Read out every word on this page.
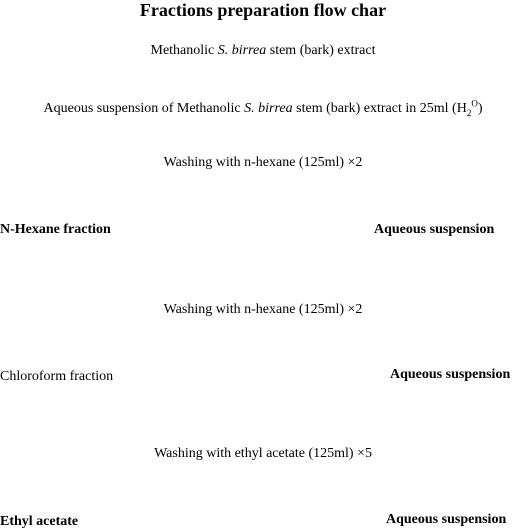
Fractions preparation flow char
Methanolic S. birrea stem (bark) extract
Aqueous suspension of Methanolic S. birrea stem (bark) extract in 25ml $(H_2^O)$
Washing with n-hexane (125ml) ×2
N-Hexane fraction	Aqueous suspension
Washing with n-hexane (125ml) ×2
Chloroform fraction	Aqueous suspension
Washing with ethyl acetate (125ml) ×5
Ethyl acetate	Aqueous suspension
